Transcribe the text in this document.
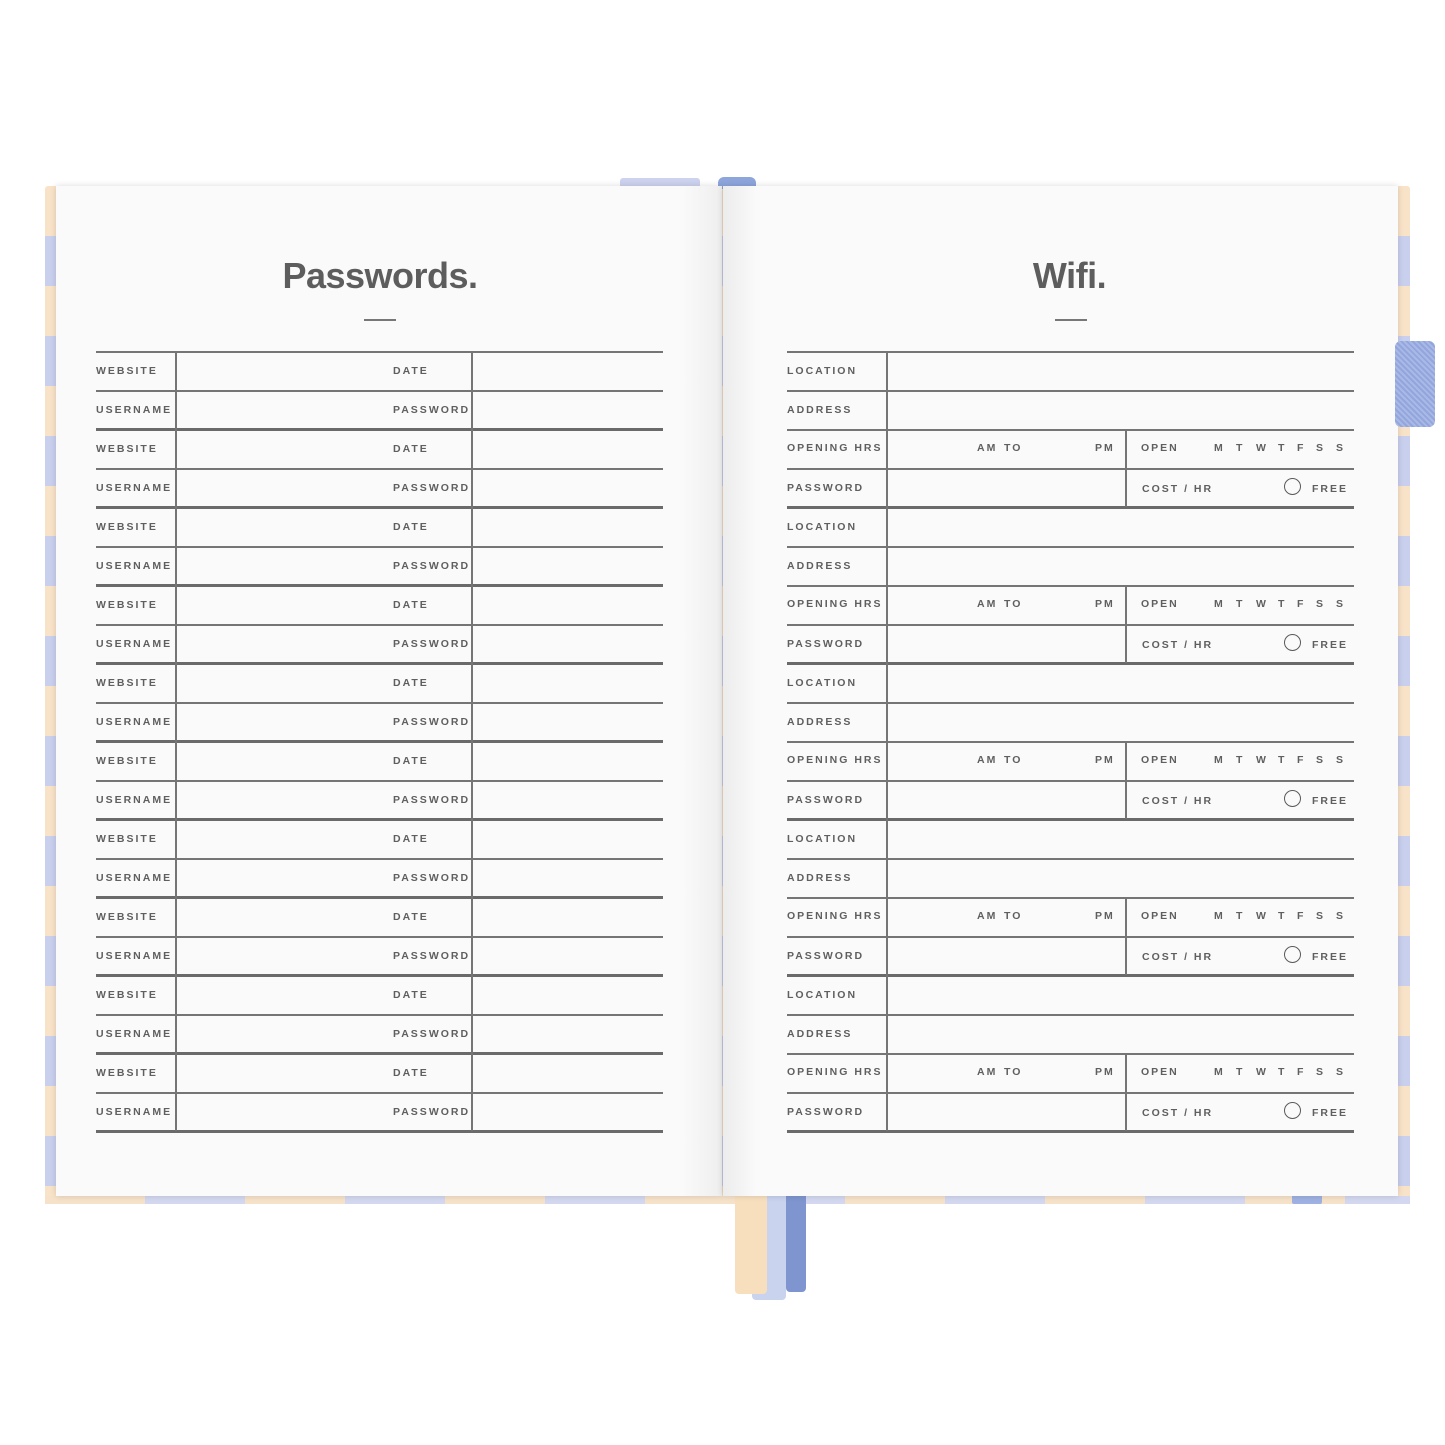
Passwords.	Wifi.
WEBSITE	DATE
USERNAME	PASSWORD
WEBSITE	DATE
USERNAME	PASSWORD
WEBSITE	DATE
USERNAME	PASSWORD
WEBSITE	DATE
USERNAME	PASSWORD
WEBSITE	DATE
USERNAME	PASSWORD
WEBSITE	DATE
USERNAME	PASSWORD
WEBSITE	DATE
USERNAME	PASSWORD
WEBSITE	DATE
USERNAME	PASSWORD
WEBSITE	DATE
USERNAME	PASSWORD
WEBSITE	DATE
USERNAME	PASSWORD
LOCATION
ADDRESS
OPENING HRS	AM TO	PM	OPEN	M T W T F S S
PASSWORD	COST / HR	FREE
LOCATION
ADDRESS
OPENING HRS	AM TO	PM	OPEN	M T W T F S S
PASSWORD	COST / HR	FREE
LOCATION
ADDRESS
OPENING HRS	AM TO	PM	OPEN	M T W T F S S
PASSWORD	COST / HR	FREE
LOCATION
ADDRESS
OPENING HRS	AM TO	PM	OPEN	M T W T F S S
PASSWORD	COST / HR	FREE
LOCATION
ADDRESS
OPENING HRS	AM TO	PM	OPEN	M T W T F S S
PASSWORD	COST / HR	FREE
